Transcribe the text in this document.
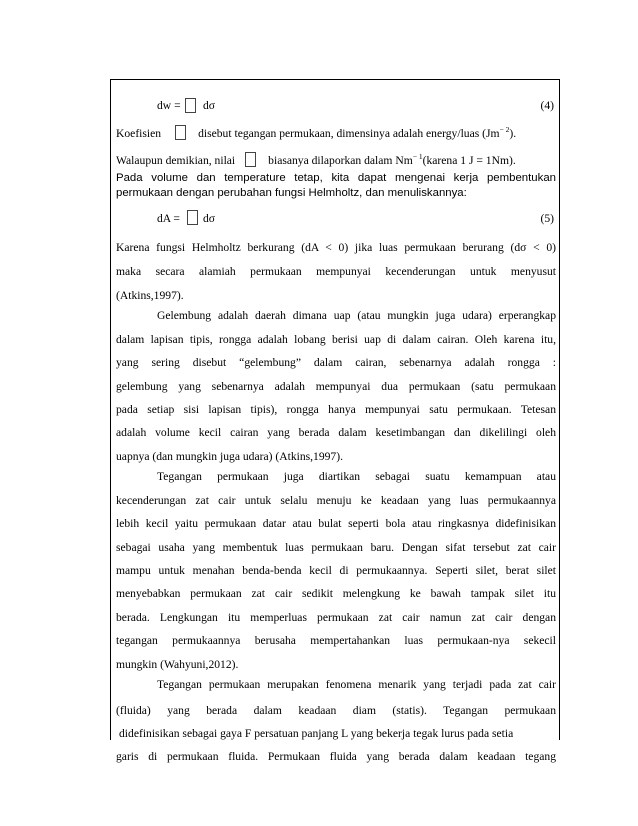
dw = dσ	(4)
Koefisien	disebut tegangan permukaan, dimensinya adalah energy/luas $(Jm^{- 2})$.
Walaupun demikian, nilai	biasanya dilaporkan dalam $Nm^{- 1}(karena$ 1 J = 1Nm).
Pada volume dan temperature tetap, kita dapat mengenai kerja pembentukan
permukaan dengan perubahan fungsi Helmholtz, dan menuliskannya:
dA = dσ	(5)
Karena fungsi Helmholtz berkurang (dA < 0) jika luas permukaan berurang (dσ < 0)
maka secara alamiah permukaan mempunyai kecenderungan untuk menyusut
(Atkins,1997).
Gelembung adalah daerah dimana uap (atau mungkin juga udara) erperangkap
dalam lapisan tipis, rongga adalah lobang berisi uap di dalam cairan. Oleh karena itu,
yang sering disebut “gelembung” dalam cairan, sebenarnya adalah rongga :
gelembung yang sebenarnya adalah mempunyai dua permukaan (satu permukaan
pada setiap sisi lapisan tipis), rongga hanya mempunyai satu permukaan. Tetesan
adalah volume kecil cairan yang berada dalam kesetimbangan dan dikelilingi oleh
uapnya (dan mungkin juga udara) (Atkins,1997).
Tegangan permukaan juga diartikan sebagai suatu kemampuan atau
kecenderungan zat cair untuk selalu menuju ke keadaan yang luas permukaannya
lebih kecil yaitu permukaan datar atau bulat seperti bola atau ringkasnya didefinisikan
sebagai usaha yang membentuk luas permukaan baru. Dengan sifat tersebut zat cair
mampu untuk menahan benda-benda kecil di permukaannya. Seperti silet, berat silet
menyebabkan permukaan zat cair sedikit melengkung ke bawah tampak silet itu
berada. Lengkungan itu memperluas permukaan zat cair namun zat cair dengan
tegangan permukaannya berusaha mempertahankan luas permukaan-nya sekecil
mungkin (Wahyuni,2012).
Tegangan permukaan merupakan fenomena menarik yang terjadi pada zat cair
(fluida) yang berada dalam keadaan diam (statis). Tegangan permukaan
didefinisikan sebagai gaya F persatuan panjang L yang bekerja tegak lurus pada setia
garis di permukaan fluida. Permukaan fluida yang berada dalam keadaan tegang
